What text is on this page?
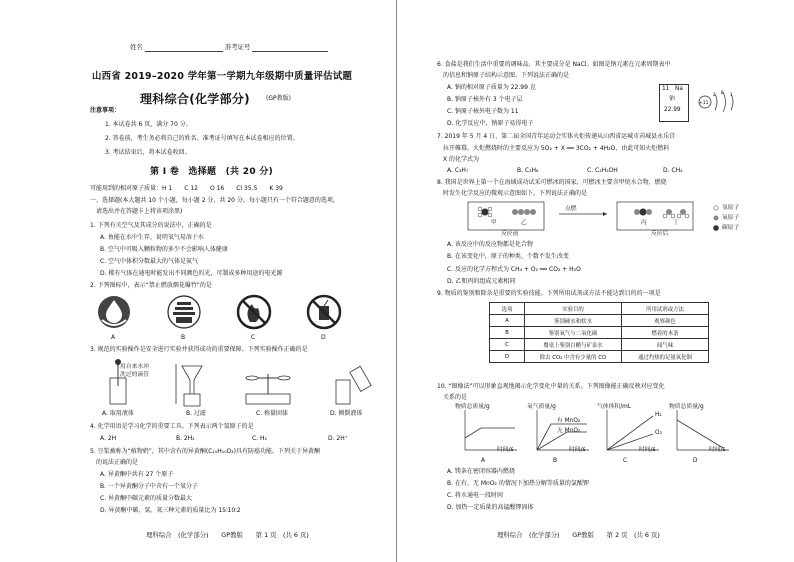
姓名	准考证号
山西省 2019–2020 学年第一学期九年级期中质量评估试题
理科综合(化学部分)	(GP教版)
注意事项：
1. 本试卷共 6 页，满分 70 分。
2. 答卷前，考生务必将自己的姓名、准考证号填写在本试卷相应的位置。
3. 考试结束后，将本试卷收回。
第 Ⅰ 卷　选择题　(共 20 分)
可能用到的相对原子质量：H 1　　C 12　　O 16　　Cl 35.5　　K 39
一、选择题(本大题共 10 个小题，每小题 2 分，共 20 分。每小题只有一个符合题意的选项，
请选出并在答题卡上将该项涂黑)
1. 下列有关空气及其成分的说法中，正确的是
A. 鱼能在水中生存，说明氧气易溶于水
B. 空气中可吸入颗粒物的多少不会影响人体健康
C. 空气中体积分数最大的气体是氮气
D. 稀有气体在通电时能发出不同颜色的光，可制成多种用途的电光源
2. 下列图标中，表示“禁止燃放烟花爆竹”的是
A	B	C	D
3. 规范的实验操作是安全进行实验并获得成功的重要保障。下列实验操作正确的是
用自来水冲
洗过的滴管
A. 取用液体	B. 过滤	C. 称量固体	D. 倾倒液体
4. 化学用语是学习化学的重要工具。下列表示两个氢原子的是
A. 2H	B. 2H₂	C. H₂	D. 2H⁺
5. 豆浆被称为“植物奶”，其中含有的异黄酮(C₁₅H₁₀O₂)具有防癌功能。下列关于异黄酮
的说法正确的是
A. 异黄酮中共有 27 个原子
B. 一个异黄酮分子中含有一个氧分子
C. 异黄酮中碳元素的质量分数最大
D. 异黄酮中碳、氢、氧三种元素的质量比为 15∶10∶2
理科综合　(化学部分)　　GP教版　　第 1 页　(共 6 页)
6. 食盐是我们生活中重要的调味品，其主要成分是 NaCl。如图是钠元素在元素周期表中
的信息和钠原子结构示意图。下列说法正确的是
A. 钠的相对原子质量为 22.99 克
B. 钠原子核外有 3 个电子层
C. 钠原子核外电子数为 11
D. 化学反应中，钠原子易得电子
11 Na
钠
22.99
+11
2 8 1
7. 2019 年 5 月 4 日，第二届全国青年运动会实体火炬传递从山西省运城市芮城县永乐宫
拉开帷幕。火炬燃烧时的主要反应为 5O₂ + X ══ 3CO₂ + 4H₂O，由此可知火炬燃料
X 的化学式为
A. C₃H₇	B. C₃H₈	C. C₂H₅OH	D. CH₄
8. 我国是世界上第一个在海域成功试采可燃冰的国家，可燃冰主要含甲烷水合物，燃烧
时发生化学反应的微观示意图如下。下列说法正确的是
甲	乙
点燃
丙	丁
反应前	反应后
氢原子
氧原子
碳原子
A. 该反应中的反应物都是化合物
B. 在该变化中，原子的种类、个数不发生改变
C. 反应的化学方程式为 CH₄ + O₂ ══ CO₂ + H₂O
D. 乙和丙的组成元素相同
9. 物质的鉴别和除杂是重要的实验技能。下列所用试剂或方法不能达到目的的一项是
选项	实验目的	所用试剂或方法
A	鉴别硬水和软水	观察颜色
B	鉴别氧气与二氧化碳	燃着的木条
C	餐桌上鉴别白醋与矿泉水	闻气味
D	除去 CO₂ 中含有少量的 CO	通过灼热的足量氧化铜
10. “图像法”可以形象直观地揭示化学变化中量的关系。下列图像能正确反映对应变化
关系的是
物质总质量/g
时间/s
A
氧气质量/g
有 MnO₂
无 MnO₂
时间/s
B
气体体积/mL
H₂
O₂
时间/s
C
物质总质量/g
时间/s
D
A. 镁条在密闭容器内燃烧
B. 在有、无 MnO₂ 的情况下加热分解等质量的氯酸钾
C. 将水通电一段时间
D. 加热一定质量的高锰酸钾固体
理科综合　(化学部分)　　GP教版　　第 2 页　(共 6 页)
